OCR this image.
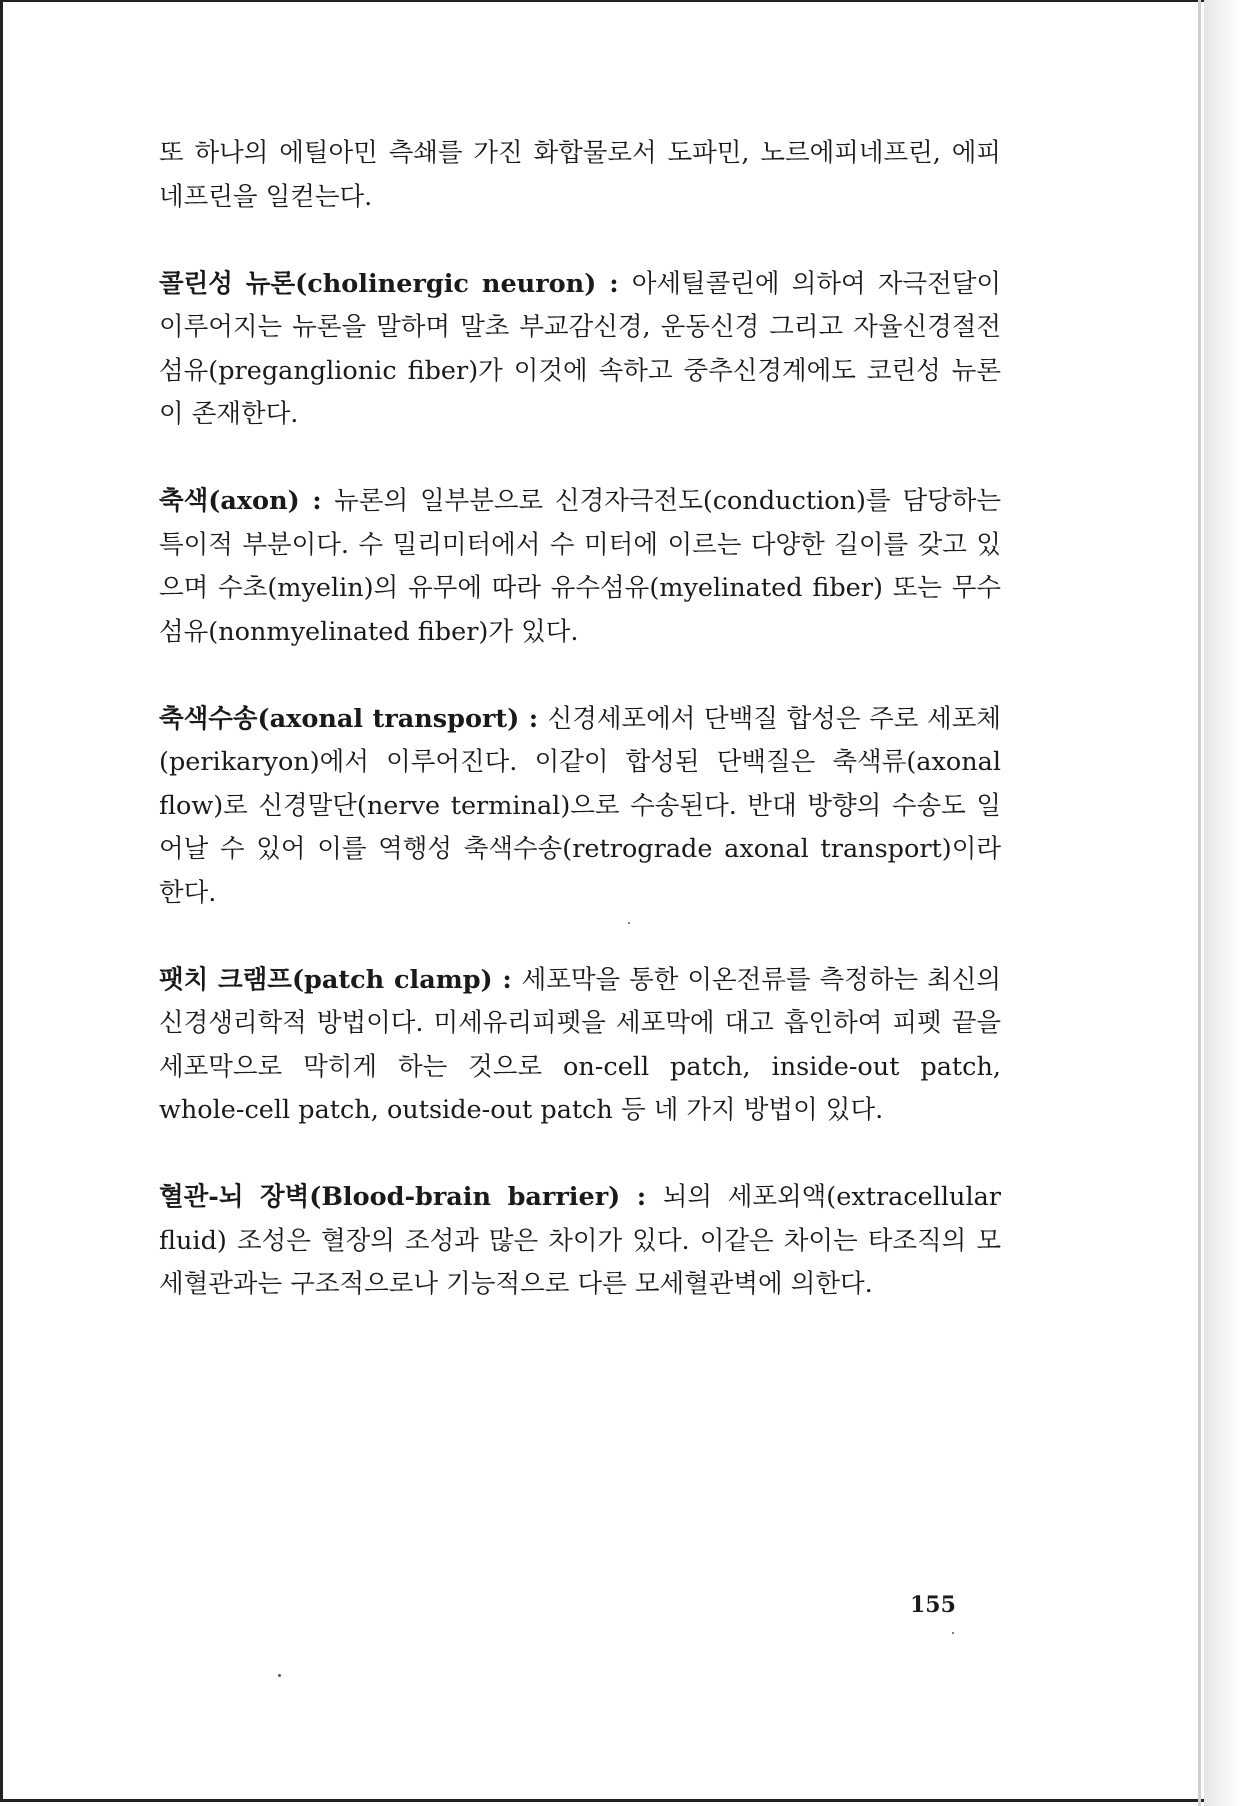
또 하나의 에틸아민 측쇄를 가진 화합물로서 도파민, 노르에피네프린, 에피네프린을 일컫는다.

콜린성 뉴론(cholinergic neuron) : 아세틸콜린에 의하여 자극전달이 이루어지는 뉴론을 말하며 말초 부교감신경, 운동신경 그리고 자율신경절전섬유(preganglionic fiber)가 이것에 속하고 중추신경계에도 코린성 뉴론이 존재한다.

축색(axon) : 뉴론의 일부분으로 신경자극전도(conduction)를 담당하는 특이적 부분이다. 수 밀리미터에서 수 미터에 이르는 다양한 길이를 갖고 있으며 수초(myelin)의 유무에 따라 유수섬유(myelinated fiber) 또는 무수섬유(nonmyelinated fiber)가 있다.

축색수송(axonal transport) : 신경세포에서 단백질 합성은 주로 세포체(perikaryon)에서 이루어진다. 이같이 합성된 단백질은 축색류(axonal flow)로 신경말단(nerve terminal)으로 수송된다. 반대 방향의 수송도 일어날 수 있어 이를 역행성 축색수송(retrograde axonal transport)이라 한다.

팻치 크램프(patch clamp) : 세포막을 통한 이온전류를 측정하는 최신의 신경생리학적 방법이다. 미세유리피펫을 세포막에 대고 흡인하여 피펫 끝을 세포막으로 막히게 하는 것으로 on-cell patch, inside-out patch, whole-cell patch, outside-out patch 등 네 가지 방법이 있다.

혈관-뇌 장벽(Blood-brain barrier) : 뇌의 세포외액(extracellular fluid) 조성은 혈장의 조성과 많은 차이가 있다. 이같은 차이는 타조직의 모세혈관과는 구조적으로나 기능적으로 다른 모세혈관벽에 의한다.

155
